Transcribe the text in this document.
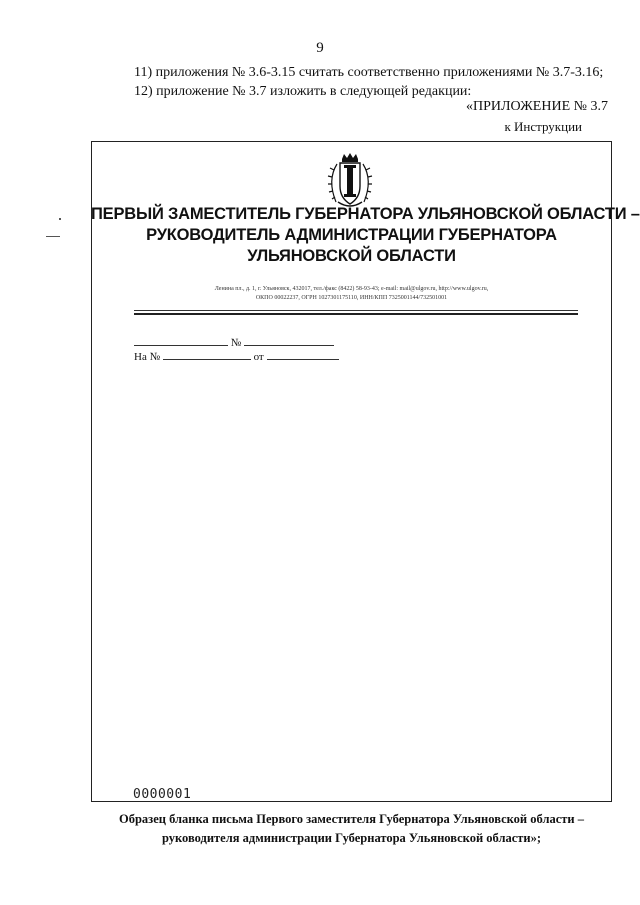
9
11) приложения № 3.6-3.15 считать соответственно приложениями № 3.7-3.16;
12) приложение № 3.7 изложить в следующей редакции:
«ПРИЛОЖЕНИЕ № 3.7
к Инструкции
ПЕРВЫЙ ЗАМЕСТИТЕЛЬ ГУБЕРНАТОРА УЛЬЯНОВСКОЙ ОБЛАСТИ –
РУКОВОДИТЕЛЬ АДМИНИСТРАЦИИ ГУБЕРНАТОРА
УЛЬЯНОВСКОЙ ОБЛАСТИ
Ленина пл., д. 1, г. Ульяновск, 432017, тел./факс (8422) 58-93-43; e-mail: mail@ulgov.ru, http://www.ulgov.ru,
ОКПО 00022237, ОГРН 1027301175110, ИНН/КПП 7325001144/732501001
№
На №	от
0000001
Образец бланка письма Первого заместителя Губернатора Ульяновской области –
руководителя администрации Губернатора Ульяновской области»;
